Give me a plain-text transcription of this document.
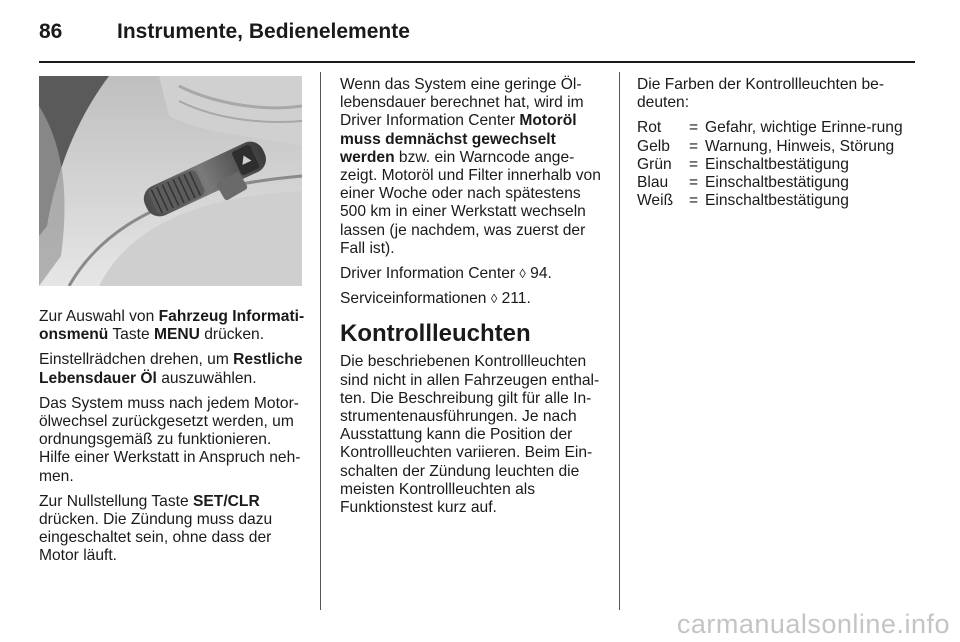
86	Instrumente, Bedienelemente

Zur Auswahl von Fahrzeug Informati-onsmenü Taste MENU drücken.

Einstellrädchen drehen, um Restliche Lebensdauer Öl auszuwählen.

Das System muss nach jedem Motor-ölwechsel zurückgesetzt werden, um ordnungsgemäß zu funktionieren. Hilfe einer Werkstatt in Anspruch neh-men.

Zur Nullstellung Taste SET/CLR drücken. Die Zündung muss dazu eingeschaltet sein, ohne dass der Motor läuft.

Wenn das System eine geringe Öl-lebensdauer berechnet hat, wird im Driver Information Center Motoröl muss demnächst gewechselt werden bzw. ein Warncode ange-zeigt. Motoröl und Filter innerhalb von einer Woche oder nach spätestens 500 km in einer Werkstatt wechseln lassen (je nachdem, was zuerst der Fall ist).

Driver Information Center ◊ 94.

Serviceinformationen ◊ 211.

Kontrollleuchten

Die beschriebenen Kontrollleuchten sind nicht in allen Fahrzeugen enthal-ten. Die Beschreibung gilt für alle In-strumentenausführungen. Je nach Ausstattung kann die Position der Kontrollleuchten variieren. Beim Ein-schalten der Zündung leuchten die meisten Kontrollleuchten als Funktionstest kurz auf.

Die Farben der Kontrollleuchten be-deuten:

Rot	=	Gefahr, wichtige Erinne-rung
Gelb	=	Warnung, Hinweis, Störung
Grün	=	Einschaltbestätigung
Blau	=	Einschaltbestätigung
Weiß	=	Einschaltbestätigung
carmanualsonline.info
